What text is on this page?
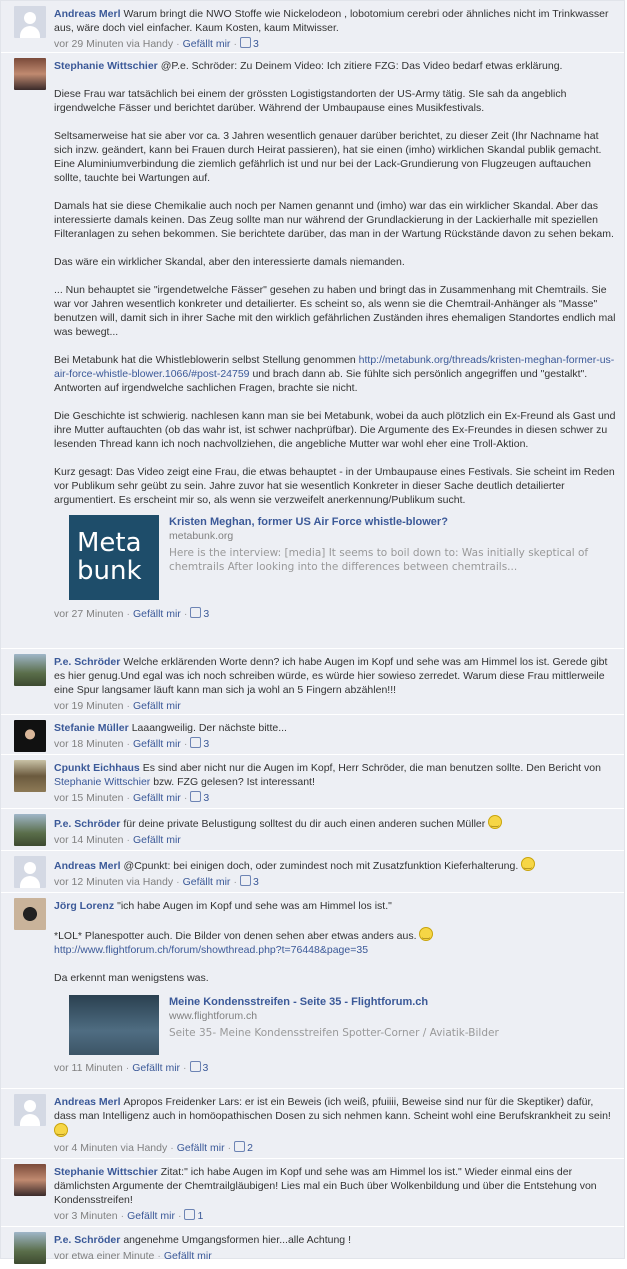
Andreas Merl Warum bringt die NWO Stoffe wie Nickelodeon , lobotomium cerebri oder ähnliches nicht im Trinkwasser aus, wäre doch viel einfacher. Kaum Kosten, kaum Mitwisser.
vor 29 Minuten via Handy · Gefällt mir · 3
Stephanie Wittschier @P.e. Schröder: Zu Deinem Video: Ich zitiere FZG: Das Video bedarf etwas erklärung.
Diese Frau war tatsächlich bei einem der grössten Logistigstandorten der US-Army tätig. SIe sah da angeblich irgendwelche Fässer und berichtet darüber. Während der Umbaupause eines Musikfestivals.
Seltsamerweise hat sie aber vor ca. 3 Jahren wesentlich genauer darüber berichtet, zu dieser Zeit (Ihr Nachname hat sich inzw. geändert, kann bei Frauen durch Heirat passieren), hat sie einen (imho) wirklichen Skandal publik gemacht. Eine Aluminiumverbindung die ziemlich gefährlich ist und nur bei der Lack-Grundierung von Flugzeugen auftauchen sollte, tauchte bei Wartungen auf.
Damals hat sie diese Chemikalie auch noch per Namen genannt und (imho) war das ein wirklicher Skandal. Aber das interessierte damals keinen. Das Zeug sollte man nur während der Grundlackierung in der Lackierhalle mit speziellen Filteranlagen zu sehen bekommen. Sie berichtete darüber, das man in der Wartung Rückstände davon zu sehen bekam.
Das wäre ein wirklicher Skandal, aber den interessierte damals niemanden.
... Nun behauptet sie "irgendetwelche Fässer" gesehen zu haben und bringt das in Zusammenhang mit Chemtrails. Sie war vor Jahren wesentlich konkreter und detailierter. Es scheint so, als wenn sie die Chemtrail-Anhänger als "Masse" benutzen will, damit sich in ihrer Sache mit den wirklich gefährlichen Zuständen ihres ehemaligen Standortes endlich mal was bewegt...
Bei Metabunk hat die Whistleblowerin selbst Stellung genommen http://metabunk.org/threads/kristen-meghan-former-us-air-force-whistle-blower.1066/#post-24759 und brach dann ab. Sie fühlte sich persönlich angegriffen und "gestalkt". Antworten auf irgendwelche sachlichen Fragen, brachte sie nicht.
Die Geschichte ist schwierig. nachlesen kann man sie bei Metabunk, wobei da auch plötzlich ein Ex-Freund als Gast und ihre Mutter auftauchten (ob das wahr ist, ist schwer nachprüfbar). Die Argumente des Ex-Freundes in diesen schwer zu lesenden Thread kann ich noch nachvollziehen, die angebliche Mutter war wohl eher eine Troll-Aktion.
Kurz gesagt: Das Video zeigt eine Frau, die etwas behauptet - in der Umbaupause eines Festivals. Sie scheint im Reden vor Publikum sehr geübt zu sein. Jahre zuvor hat sie wesentlich Konkreter in dieser Sache deutlich detailierter argumentiert. Es erscheint mir so, als wenn sie verzweifelt anerkennung/Publikum sucht.
Meta
bunk
Kristen Meghan, former US Air Force whistle-blower?
metabunk.org
Here is the interview: [media] It seems to boil down to: Was initially skeptical of chemtrails After looking into the differences between chemtrails...
vor 27 Minuten · Gefällt mir · 3
P.e. Schröder Welche erklärenden Worte denn? ich habe Augen im Kopf und sehe was am Himmel los ist. Gerede gibt es hier genug.Und egal was ich noch schreiben würde, es würde hier sowieso zerredet. Warum diese Frau mittlerweile eine Spur langsamer läuft kann man sich ja wohl an 5 Fingern abzählen!!!
vor 19 Minuten · Gefällt mir
Stefanie Müller Laaangweilig. Der nächste bitte...
vor 18 Minuten · Gefällt mir · 3
Cpunkt Eichhaus Es sind aber nicht nur die Augen im Kopf, Herr Schröder, die man benutzen sollte. Den Bericht von Stephanie Wittschier bzw. FZG gelesen? Ist interessant!
vor 15 Minuten · Gefällt mir · 3
P.e. Schröder für deine private Belustigung solltest du dir auch einen anderen suchen Müller ‿
vor 14 Minuten · Gefällt mir
Andreas Merl @Cpunkt: bei einigen doch, oder zumindest noch mit Zusatzfunktion Kieferhalterung. ‿
vor 12 Minuten via Handy · Gefällt mir · 3
Jörg Lorenz "ich habe Augen im Kopf und sehe was am Himmel los ist."
*LOL* Planespotter auch. Die Bilder von denen sehen aber etwas anders aus. ‿
http://www.flightforum.ch/forum/showthread.php?t=76448&page=35
Da erkennt man wenigstens was.
Meine Kondensstreifen - Seite 35 - Flightforum.ch
www.flightforum.ch
Seite 35- Meine Kondensstreifen Spotter-Corner / Aviatik-Bilder
vor 11 Minuten · Gefällt mir · 3
Andreas Merl Apropos Freidenker Lars: er ist ein Beweis (ich weiß, pfuiiii, Beweise sind nur für die Skeptiker) dafür, dass man Intelligenz auch in homöopathischen Dosen zu sich nehmen kann. Scheint wohl eine Berufskrankheit zu sein! ‿
vor 4 Minuten via Handy · Gefällt mir · 2
Stephanie Wittschier Zitat:" ich habe Augen im Kopf und sehe was am Himmel los ist." Wieder einmal eins der dämlichsten Argumente der Chemtrailgläubigen! Lies mal ein Buch über Wolkenbildung und über die Entstehung von Kondensstreifen!
vor 3 Minuten · Gefällt mir · 1
P.e. Schröder angenehme Umgangsformen hier...alle Achtung !
vor etwa einer Minute · Gefällt mir
